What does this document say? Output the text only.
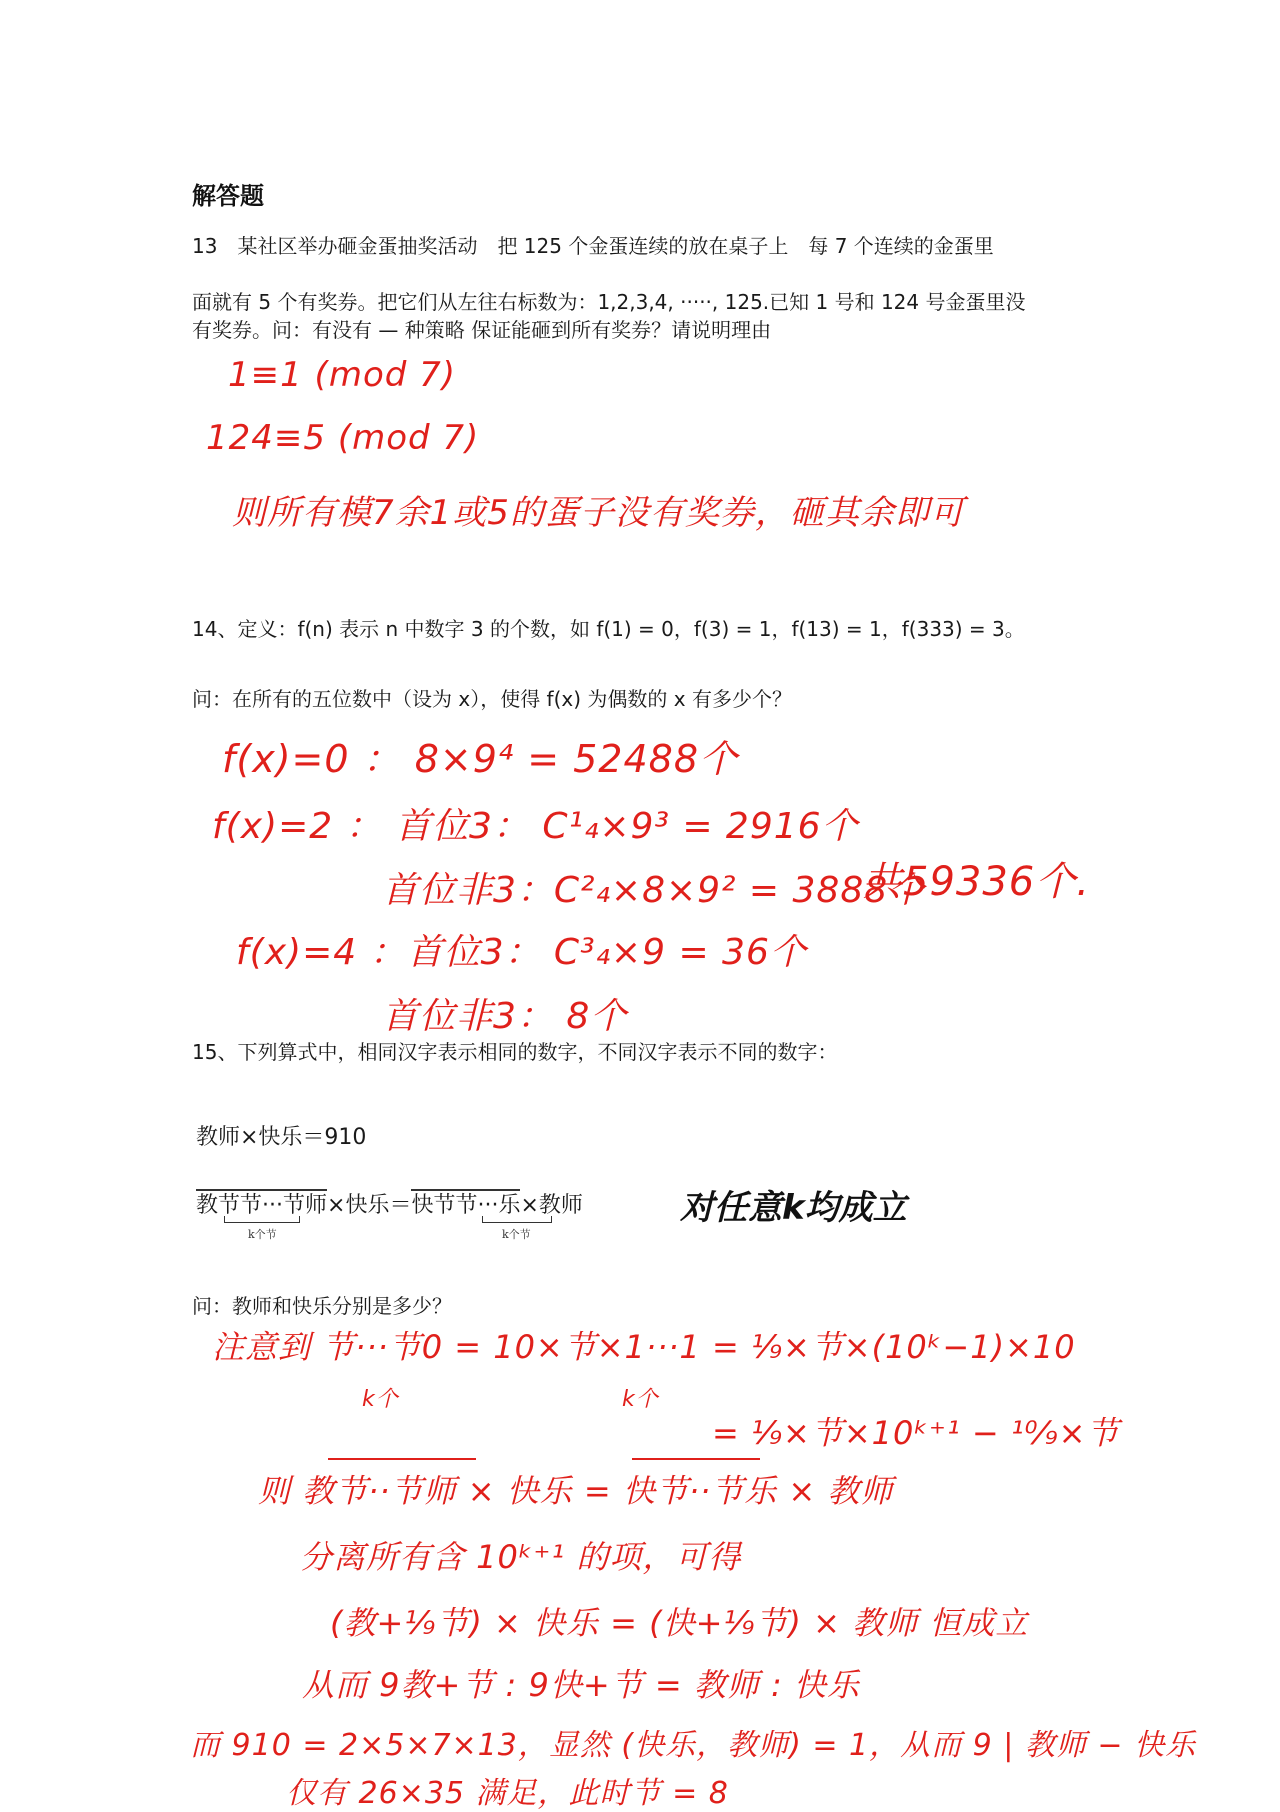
解答题
13　某社区举办砸金蛋抽奖活动　把 125 个金蛋连续的放在桌子上　每 7 个连续的金蛋里
面就有 5 个有奖券。把它们从左往右标数为：1,2,3,4, ·····, 125.已知 1 号和 124 号金蛋里没
有奖券。问：有没有 — 种策略 保证能砸到所有奖券？请说明理由
1≡1 (mod 7)
124≡5 (mod 7)
则所有模7余1或5的蛋子没有奖券，砸其余即可
14、定义：f(n) 表示 n 中数字 3 的个数，如 f(1) = 0，f(3) = 1，f(13) = 1，f(333) = 3。
问：在所有的五位数中（设为 x），使得 f(x) 为偶数的 x 有多少个？
f(x)=0 ： 8×9⁴ = 52488个
f(x)=2 ： 首位3： C¹₄×9³ = 2916个
首位非3：C²₄×8×9² = 3888个
f(x)=4 ：首位3： C³₄×9 = 36个
首位非3： 8个
共59336个.
15、下列算式中，相同汉字表示相同的数字，不同汉字表示不同的数字：
教师×快乐＝910
教节节···节师×快乐＝快节节···乐×教师
k个节	k个节
对任意k均成立
问：教师和快乐分别是多少？
注意到 节···节0 = 10×节×1···1 = ⅑×节×(10ᵏ−1)×10
k个	k个
= ⅑×节×10ᵏ⁺¹ − ¹⁰⁄₉×节
则 教节··节师 × 快乐 = 快节··节乐 × 教师
分离所有含 10ᵏ⁺¹ 的项，可得
(教+⅑节) × 快乐 = (快+⅑节) × 教师 恒成立
从而 9教+节 : 9快+节 = 教师 : 快乐
而 910 = 2×5×7×13，显然 (快乐，教师) = 1，从而 9 | 教师 − 快乐
仅有 26×35 满足，此时节 = 8
